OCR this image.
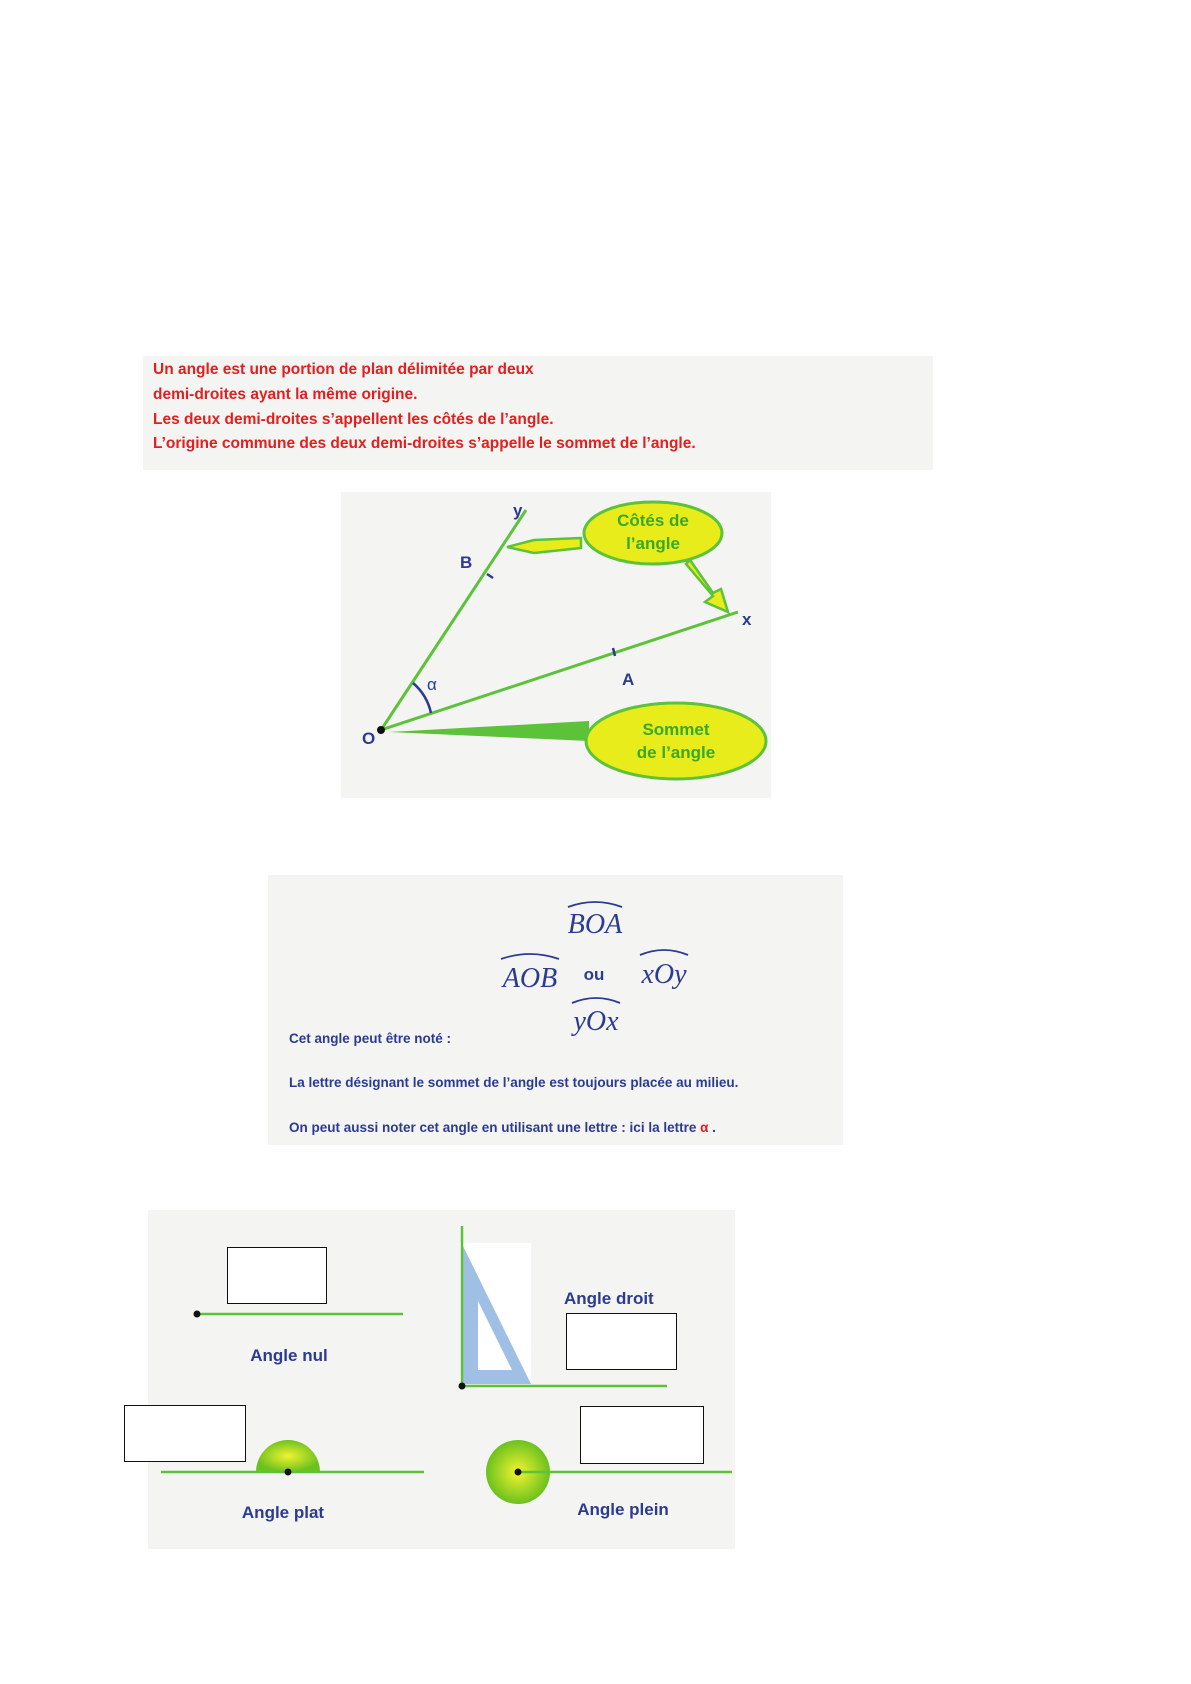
Un angle est une portion de plan délimitée par deux

demi-droites ayant la même origine.

Les deux demi-droites s’appellent les côtés de l’angle.

L’origine commune des deux demi-droites s’appelle le sommet de l’angle.

y
B
α
O
A
x
Côtés de
l’angle
Sommet
de l’angle
BOA
AOB ou xOy
yOx

Cet angle peut être noté :

La lettre désignant le sommet de l’angle est toujours placée au milieu.

On peut aussi noter cet angle en utilisant une lettre : ici la lettre α .

Angle nul
Angle droit
Angle plat	Angle plein
